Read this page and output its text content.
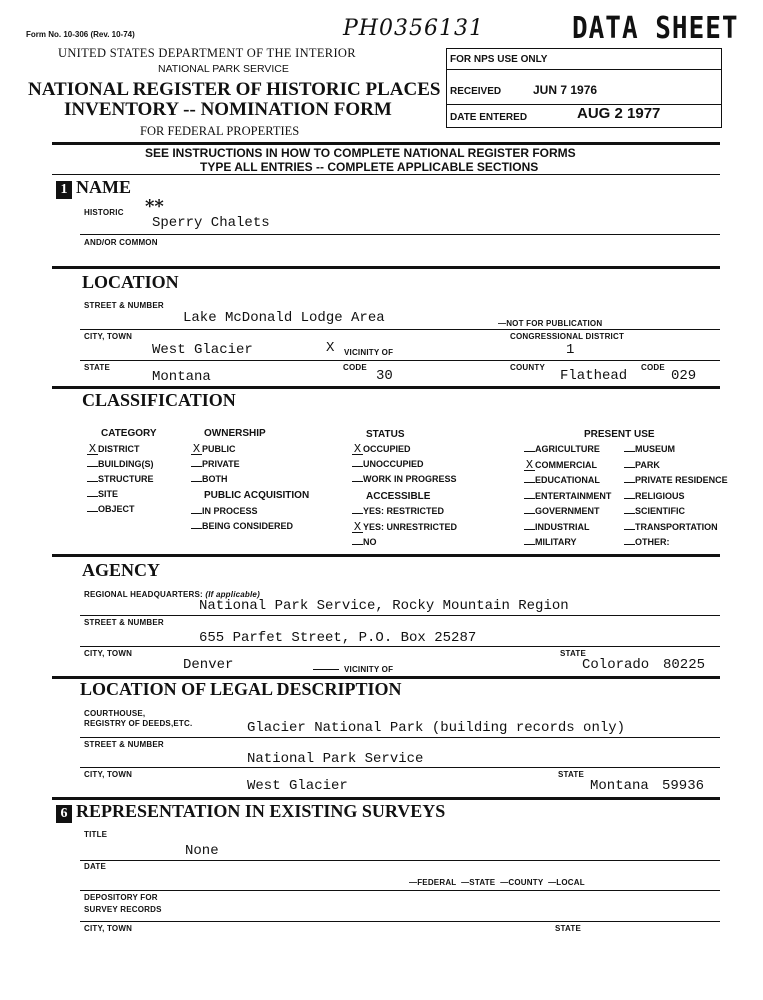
Form No. 10-306 (Rev. 10-74)	PH0356131	DATA SHEET
UNITED STATES DEPARTMENT OF THE INTERIOR
NATIONAL PARK SERVICE
NATIONAL REGISTER OF HISTORIC PLACES
INVENTORY -- NOMINATION FORM
FOR FEDERAL PROPERTIES
FOR NPS USE ONLY
RECEIVED	JUN 7 1976
DATE ENTERED	AUG 2 1977
SEE INSTRUCTIONS IN HOW TO COMPLETE NATIONAL REGISTER FORMS
TYPE ALL ENTRIES -- COMPLETE APPLICABLE SECTIONS
1 NAME
HISTORIC **
Sperry Chalets
AND/OR COMMON
LOCATION
STREET & NUMBER
Lake McDonald Lodge Area	—NOT FOR PUBLICATION
CITY, TOWN	CONGRESSIONAL DISTRICT
West Glacier	X VICINITY OF	1
STATE	CODE	COUNTY	CODE
Montana	30	Flathead	029
CLASSIFICATION
CATEGORY
X DISTRICT
BUILDING(S)
STRUCTURE
SITE
OBJECT
OWNERSHIP
X PUBLIC
PRIVATE
BOTH
PUBLIC ACQUISITION
IN PROCESS
BEING CONSIDERED
STATUS
X OCCUPIED
UNOCCUPIED
WORK IN PROGRESS
ACCESSIBLE
YES: RESTRICTED
X YES: UNRESTRICTED
NO
PRESENT USE
AGRICULTURE
X COMMERCIAL
EDUCATIONAL
ENTERTAINMENT
GOVERNMENT
INDUSTRIAL
MILITARY
MUSEUM
PARK
PRIVATE RESIDENCE
RELIGIOUS
SCIENTIFIC
TRANSPORTATION
OTHER:
AGENCY
REGIONAL HEADQUARTERS: (If applicable)
National Park Service, Rocky Mountain Region
STREET & NUMBER
655 Parfet Street, P.O. Box 25287
CITY, TOWN	STATE
Denver	VICINITY OF	Colorado 80225
LOCATION OF LEGAL DESCRIPTION
COURTHOUSE,
REGISTRY OF DEEDS,ETC.	Glacier National Park (building records only)
STREET & NUMBER
National Park Service
CITY, TOWN	STATE
West Glacier	Montana 59936
6 REPRESENTATION IN EXISTING SURVEYS
TITLE
None
DATE
—FEDERAL  —STATE  —COUNTY  —LOCAL
DEPOSITORY FOR
SURVEY RECORDS
CITY, TOWN	STATE
